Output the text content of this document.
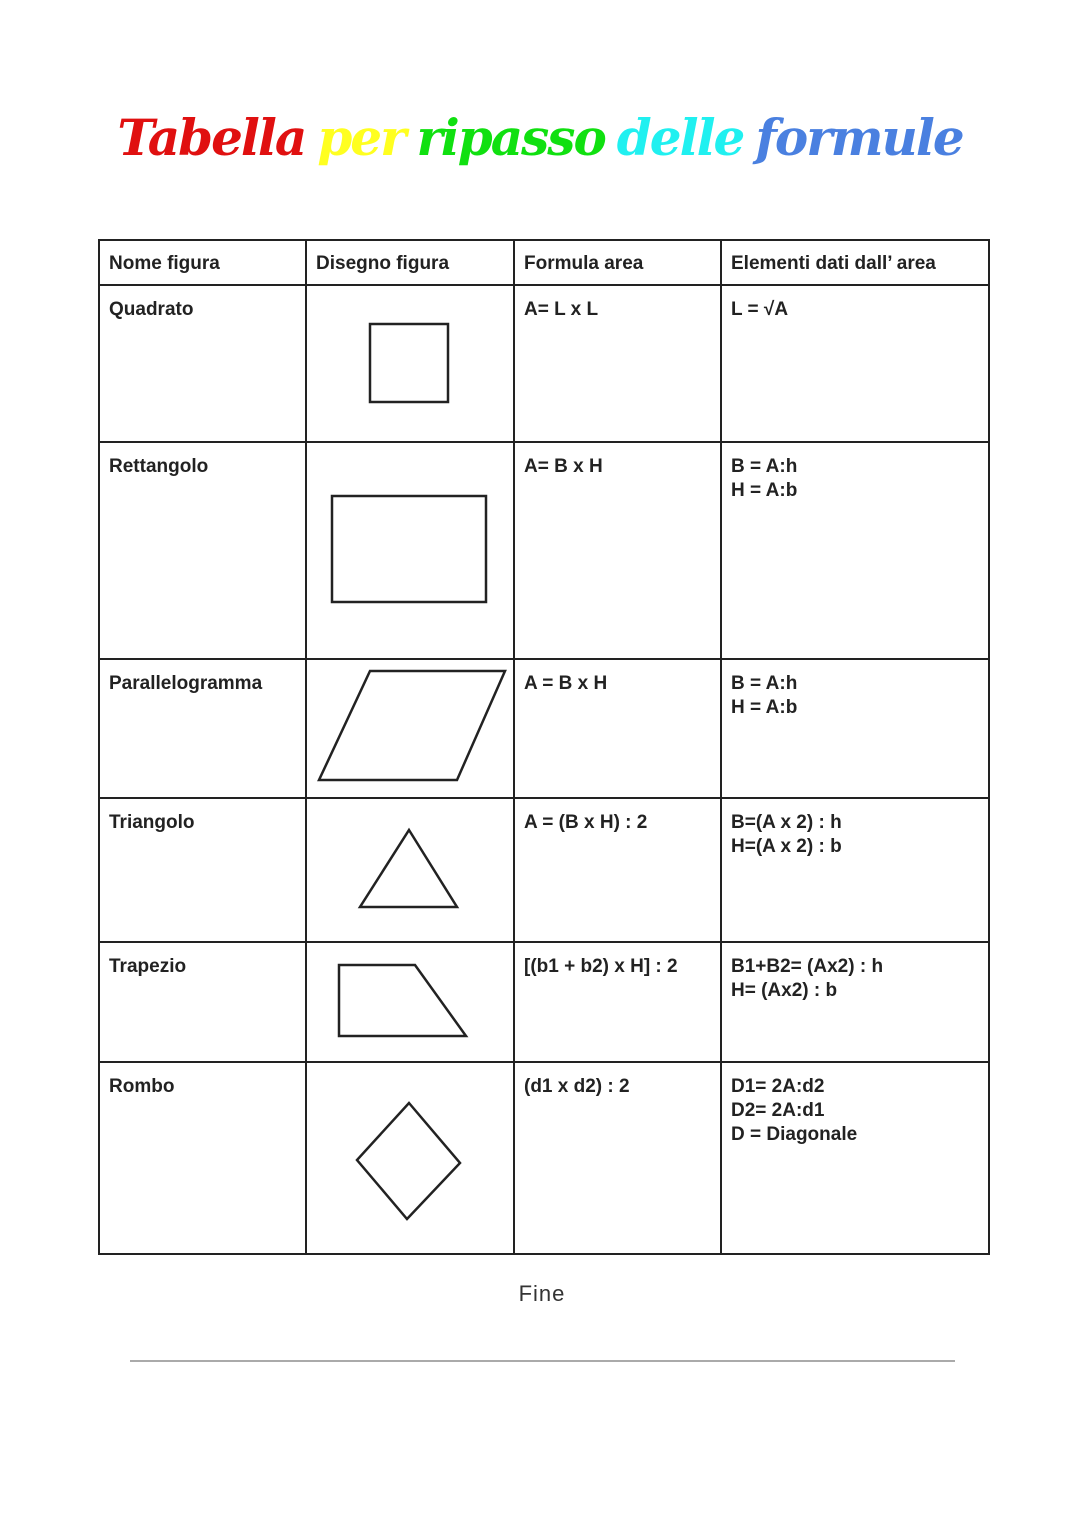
Tabella per ripasso delle formule
Nome figura	Disegno figura	Formula area	Elementi dati dall’ area
Quadrato		A= L x L	L = √A

Rettangolo		A= B x H	B = A:h
H = A:b

Parallelogramma		A = B x H	B = A:h
H = A:b

Triangolo		A = (B x H) : 2	B=(A x 2) : h
H=(A x 2) : b

Trapezio		[(b1 + b2) x H] : 2	B1+B2= (Ax2) : h
H= (Ax2) : b

Rombo		(d1 x d2) : 2	D1= 2A:d2
D2= 2A:d1
D = Diagonale
Fine
